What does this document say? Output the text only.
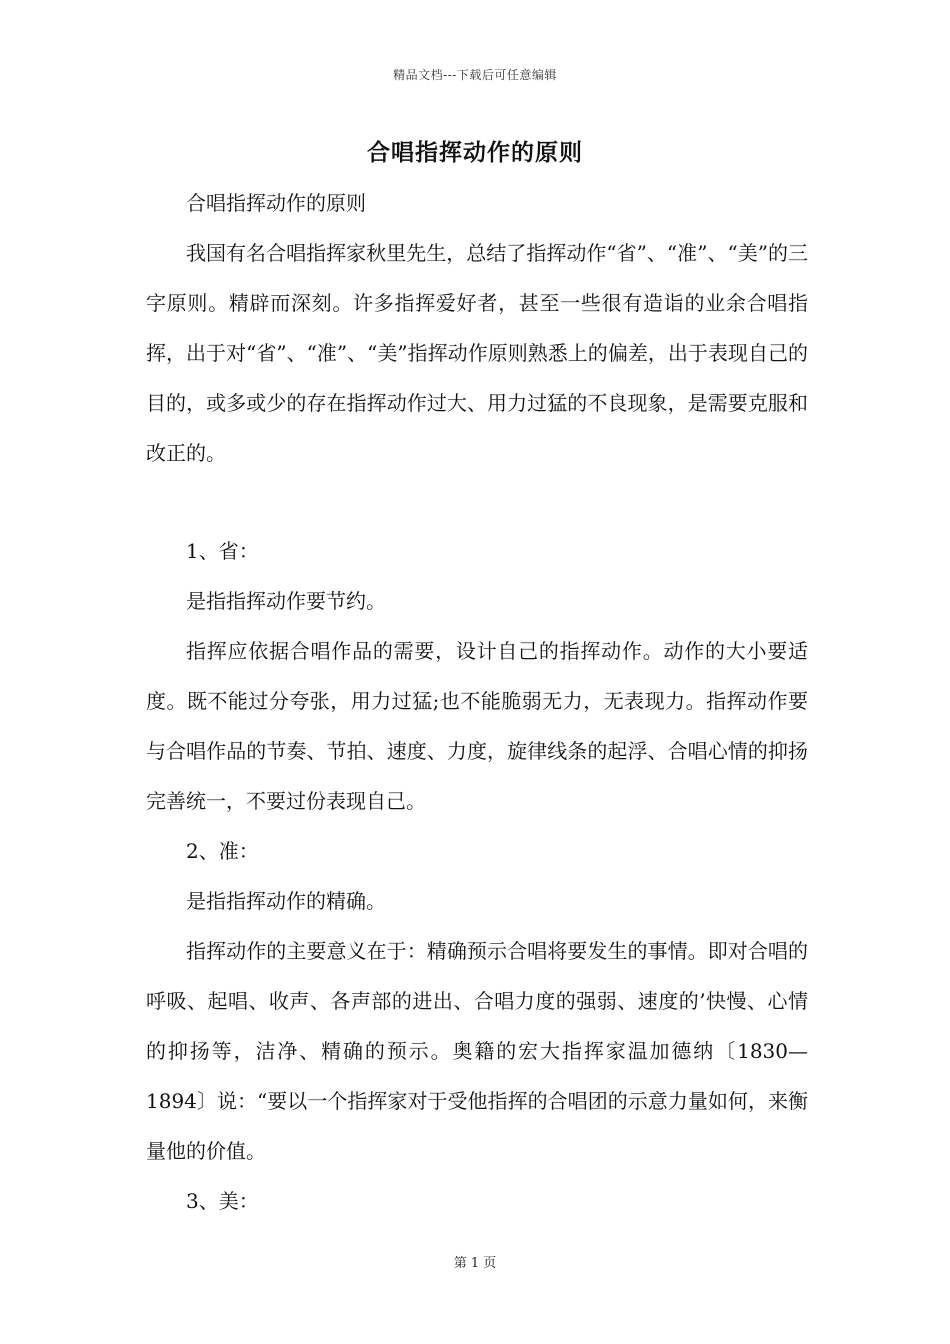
精品文档---下载后可任意编辑
合唱指挥动作的原则

合唱指挥动作的原则

我国有名合唱指挥家秋里先生，总结了指挥动作“省”、“准”、“美”的三字原则。精辟而深刻。许多指挥爱好者，甚至一些很有造诣的业余合唱指挥，出于对“省”、“准”、“美”指挥动作原则熟悉上的偏差，出于表现自己的目的，或多或少的存在指挥动作过大、用力过猛的不良现象，是需要克服和改正的。

1、省：

是指指挥动作要节约。

指挥应依据合唱作品的需要，设计自己的指挥动作。动作的大小要适度。既不能过分夸张，用力过猛;也不能脆弱无力，无表现力。指挥动作要与合唱作品的节奏、节拍、速度、力度，旋律线条的起浮、合唱心情的抑扬完善统一，不要过份表现自己。

2、准：

是指指挥动作的精确。

指挥动作的主要意义在于：精确预示合唱将要发生的事情。即对合唱的呼吸、起唱、收声、各声部的进出、合唱力度的强弱、速度的’快慢、心情的抑扬等，洁净、精确的预示。奥籍的宏大指挥家温加德纳〔1830—1894〕说：“要以一个指挥家对于受他指挥的合唱团的示意力量如何，来衡量他的价值。

3、美：

第 1 页
